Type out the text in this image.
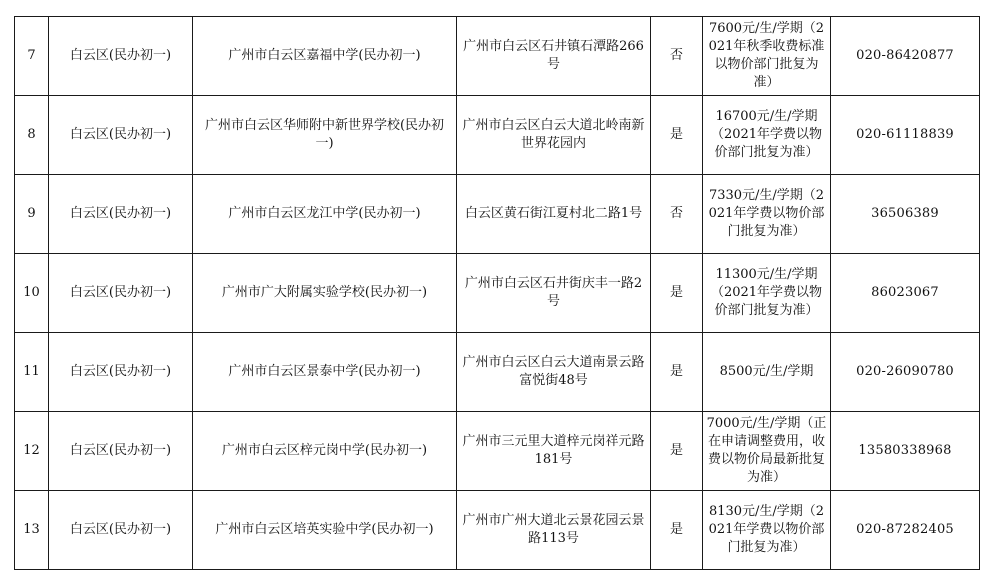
7	白云区(民办初一)	广州市白云区嘉福中学(民办初一)	广州市白云区石井镇石潭路266号	否	7600元/生/学期（2021年秋季收费标准以物价部门批复为准）	020-86420877
8	白云区(民办初一)	广州市白云区华师附中新世界学校(民办初一)	广州市白云区白云大道北岭南新世界花园内	是	16700元/生/学期（2021年学费以物价部门批复为准）	020-61118839
9	白云区(民办初一)	广州市白云区龙江中学(民办初一)	白云区黄石街江夏村北二路1号	否	7330元/生/学期（2021年学费以物价部门批复为准）	36506389
10	白云区(民办初一)	广州市广大附属实验学校(民办初一)	广州市白云区石井街庆丰一路2号	是	11300元/生/学期（2021年学费以物价部门批复为准）	86023067
11	白云区(民办初一)	广州市白云区景泰中学(民办初一)	广州市白云区白云大道南景云路富悦街48号	是	8500元/生/学期	020-26090780
12	白云区(民办初一)	广州市白云区梓元岗中学(民办初一)	广州市三元里大道梓元岗祥元路181号	是	7000元/生/学期（正在申请调整费用，收费以物价局最新批复为准）	13580338968
13	白云区(民办初一)	广州市白云区培英实验中学(民办初一)	广州市广州大道北云景花园云景路113号	是	8130元/生/学期（2021年学费以物价部门批复为准）	020-87282405
